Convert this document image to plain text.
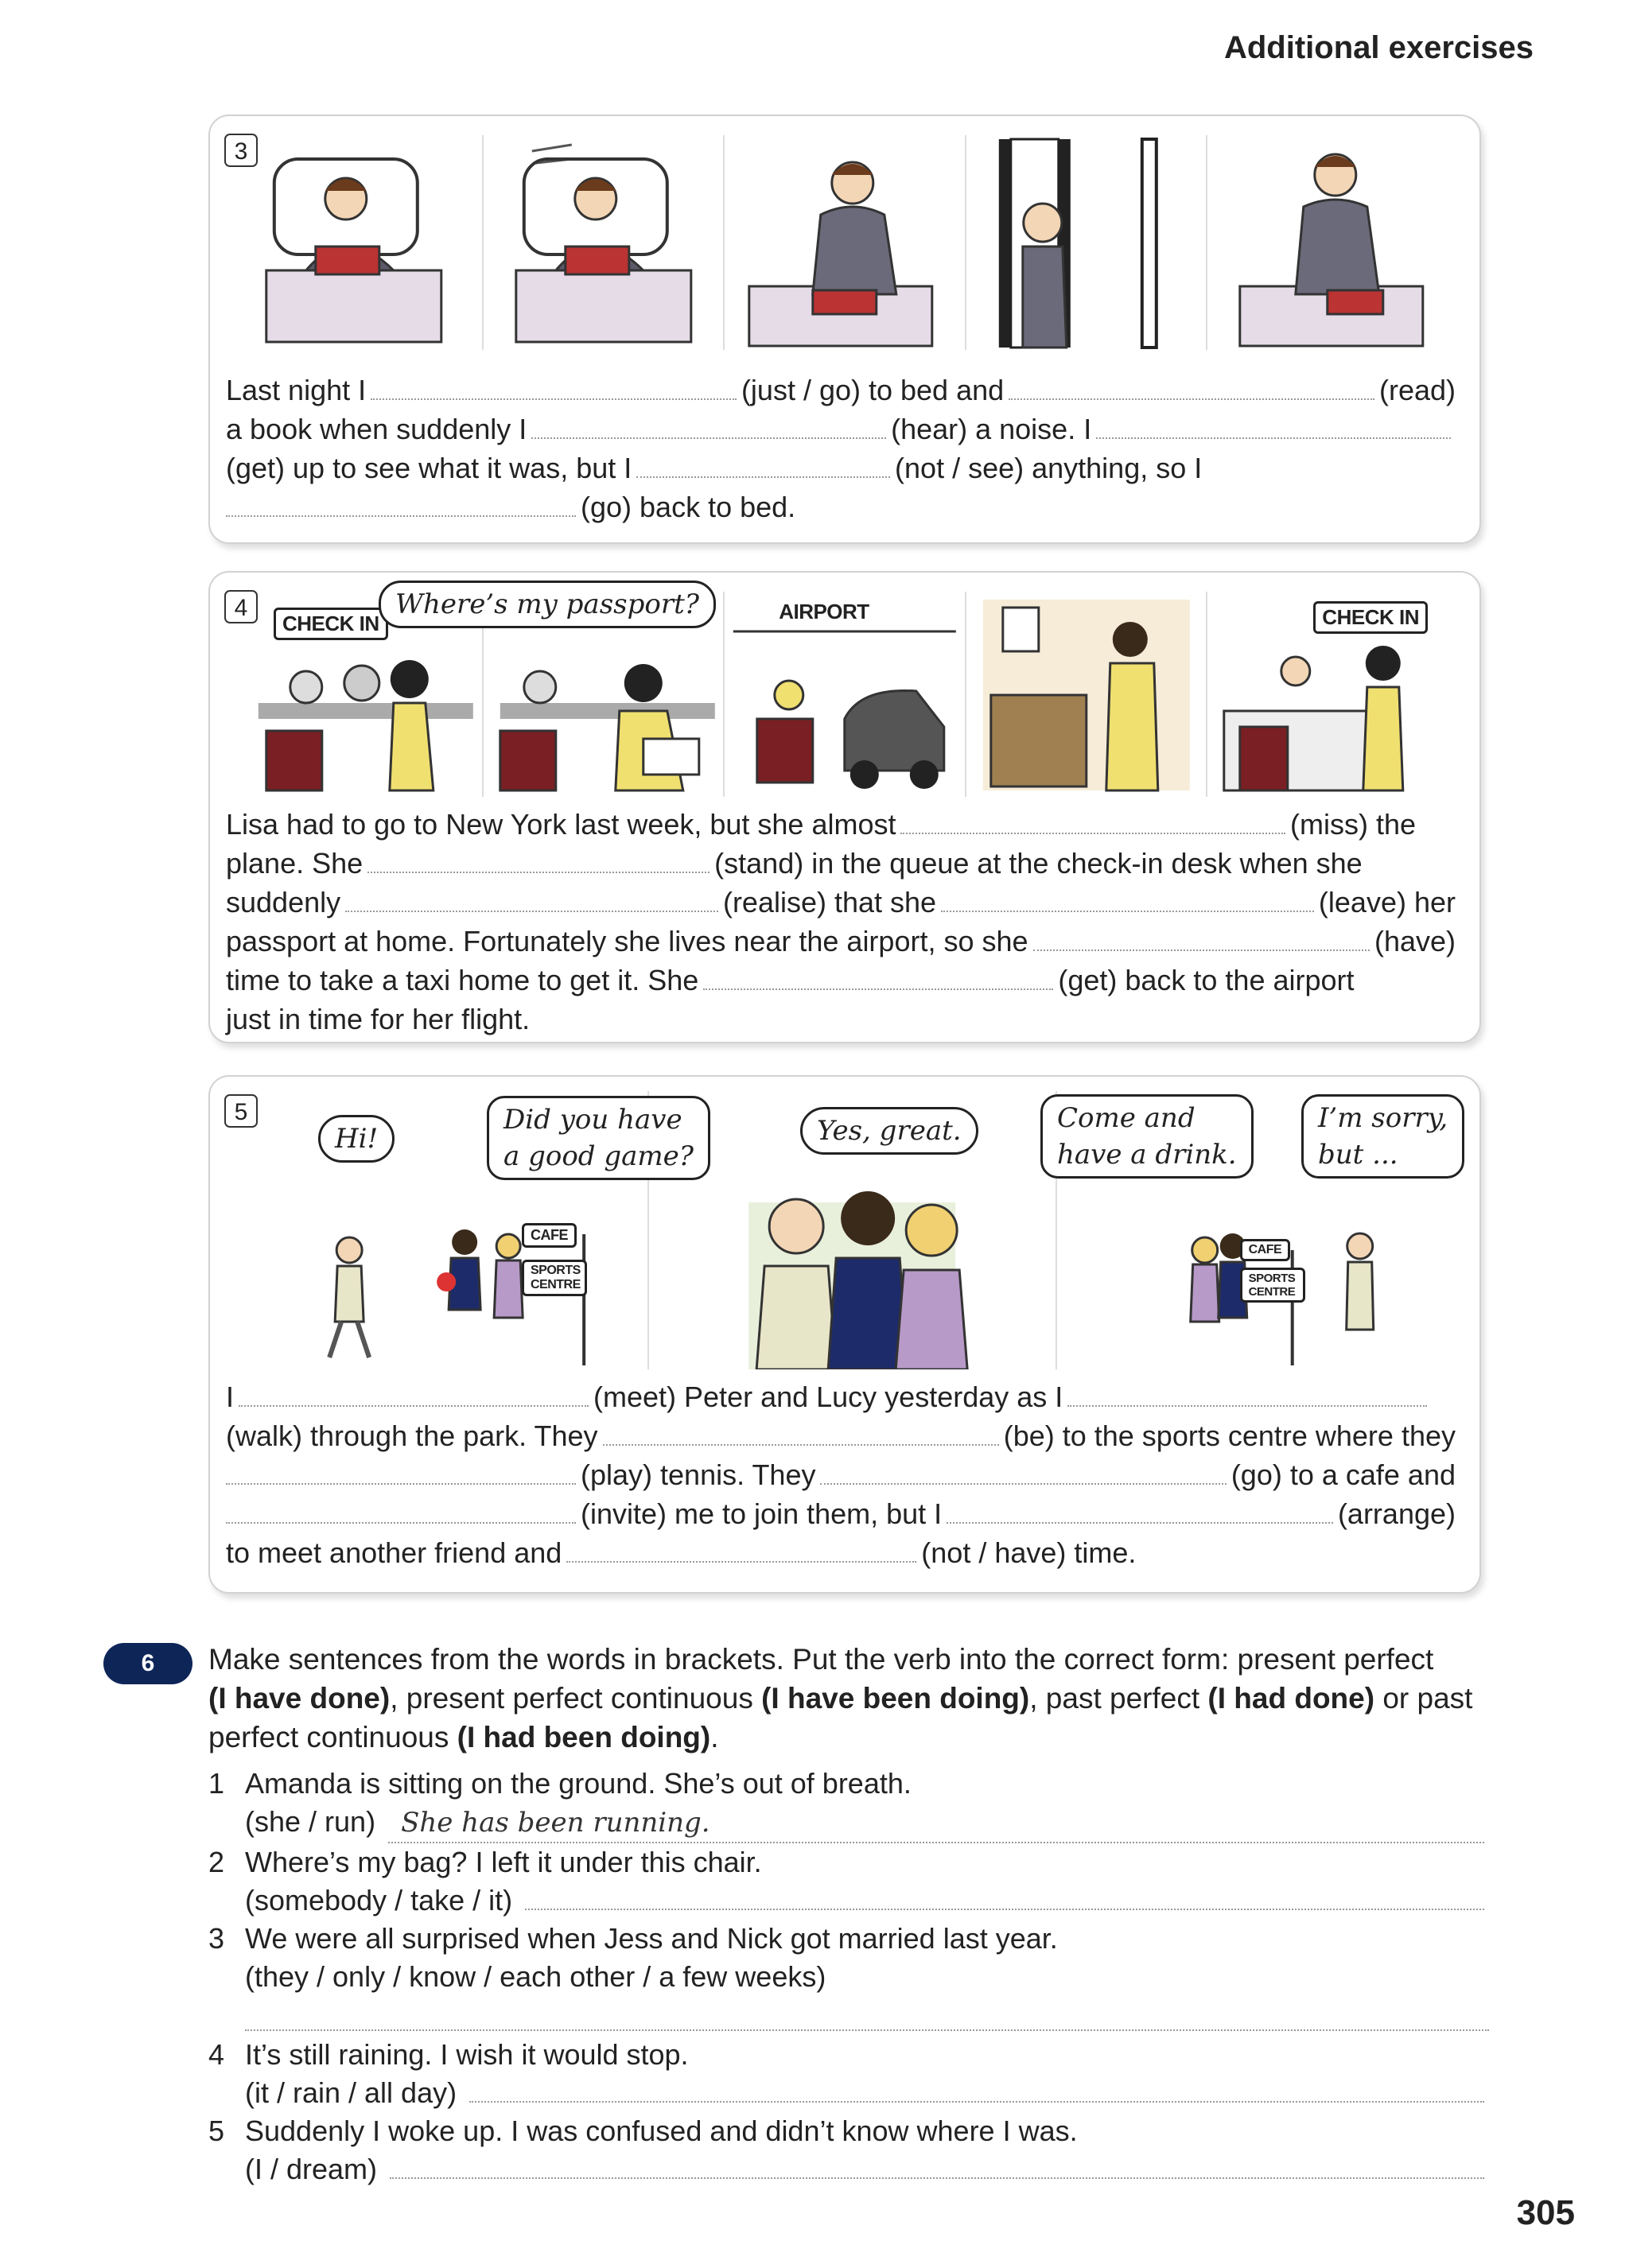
Additional exercises
3
Last night I	(just / go) to bed and	(read)
a book when suddenly I	(hear) a noise. I
(get) up to see what it was, but I	(not / see) anything, so I
(go) back to bed.
4
CHECK IN	AIRPORT	CHECK IN
Where’s my passport?
Lisa had to go to New York last week, but she almost	(miss) the
plane. She	(stand) in the queue at the check-in desk when she
suddenly	(realise) that she	(leave) her
passport at home. Fortunately she lives near the airport, so she	(have)
time to take a taxi home to get it. She	(get) back to the airport
just in time for her flight.
5
CAFE
SPORTS CENTRE
CAFE
SPORTS CENTRE
Hi!
Did you have
a good game?
Yes, great.	Come and
have a drink.
I’m sorry,
but ...
I	(meet) Peter and Lucy yesterday as I
(walk) through the park. They	(be) to the sports centre where they
(play) tennis. They	(go) to a cafe and
(invite) me to join them, but I	(arrange)
to meet another friend and	(not / have) time.
6	Make sentences from the words in brackets. Put the verb into the correct form: present perfect
(I have done), present perfect continuous (I have been doing), past perfect (I had done) or past
perfect continuous (I had been doing).
1 Amanda is sitting on the ground. She’s out of breath.
(she / run) She has been running.
2 Where’s my bag? I left it under this chair.
(somebody / take / it)
3 We were all surprised when Jess and Nick got married last year.
(they / only / know / each other / a few weeks)
4 It’s still raining. I wish it would stop.
(it / rain / all day)
5 Suddenly I woke up. I was confused and didn’t know where I was.
(I / dream)
305
